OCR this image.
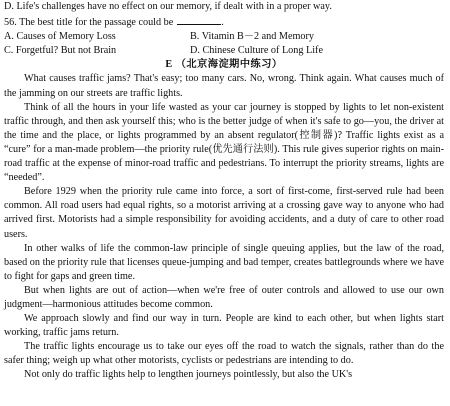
D. Life's challenges have no effect on our memory, if dealt with in a proper way.

56. The best title for the passage could be	.

A. Causes of Memory Loss	B. Vitamin B－2 and Memory
C. Forgetful? But not Brain	D. Chinese Culture of Long Life

E （北京海淀期中练习）

What causes traffic jams? That's easy; too many cars. No, wrong. Think again. What causes much of the jamming on our streets are traffic lights.

Think of all the hours in your life wasted as your car journey is stopped by lights to let non-existent traffic through, and then ask yourself this; who is the better judge of when it's safe to go—you, the driver at the time and the place, or lights programmed by an absent regulator(控制器)? Traffic lights exist as a “cure” for a man-made problem—the priority rule(优先通行法则). This rule gives superior rights on main-road traffic at the expense of minor-road traffic and pedestrians. To interrupt the priority streams, lights are “needed”.

Before 1929 when the priority rule came into force, a sort of first-come, first-served rule had been common. All road users had equal rights, so a motorist arriving at a crossing gave way to anyone who had arrived first. Motorists had a simple responsibility for avoiding accidents, and a duty of care to other road users.

In other walks of life the common-law principle of single queuing applies, but the law of the road, based on the priority rule that licenses queue-jumping and bad temper, creates battlegrounds where we have to fight for gaps and green time.

But when lights are out of action—when we're free of outer controls and allowed to use our own judgment—harmonious attitudes become common.

We approach slowly and find our way in turn. People are kind to each other, but when lights start working, traffic jams return.

The traffic lights encourage us to take our eyes off the road to watch the signals, rather than do the safer thing; weigh up what other motorists, cyclists or pedestrians are intending to do.

Not only do traffic lights help to lengthen journeys pointlessly, but also the UK's
